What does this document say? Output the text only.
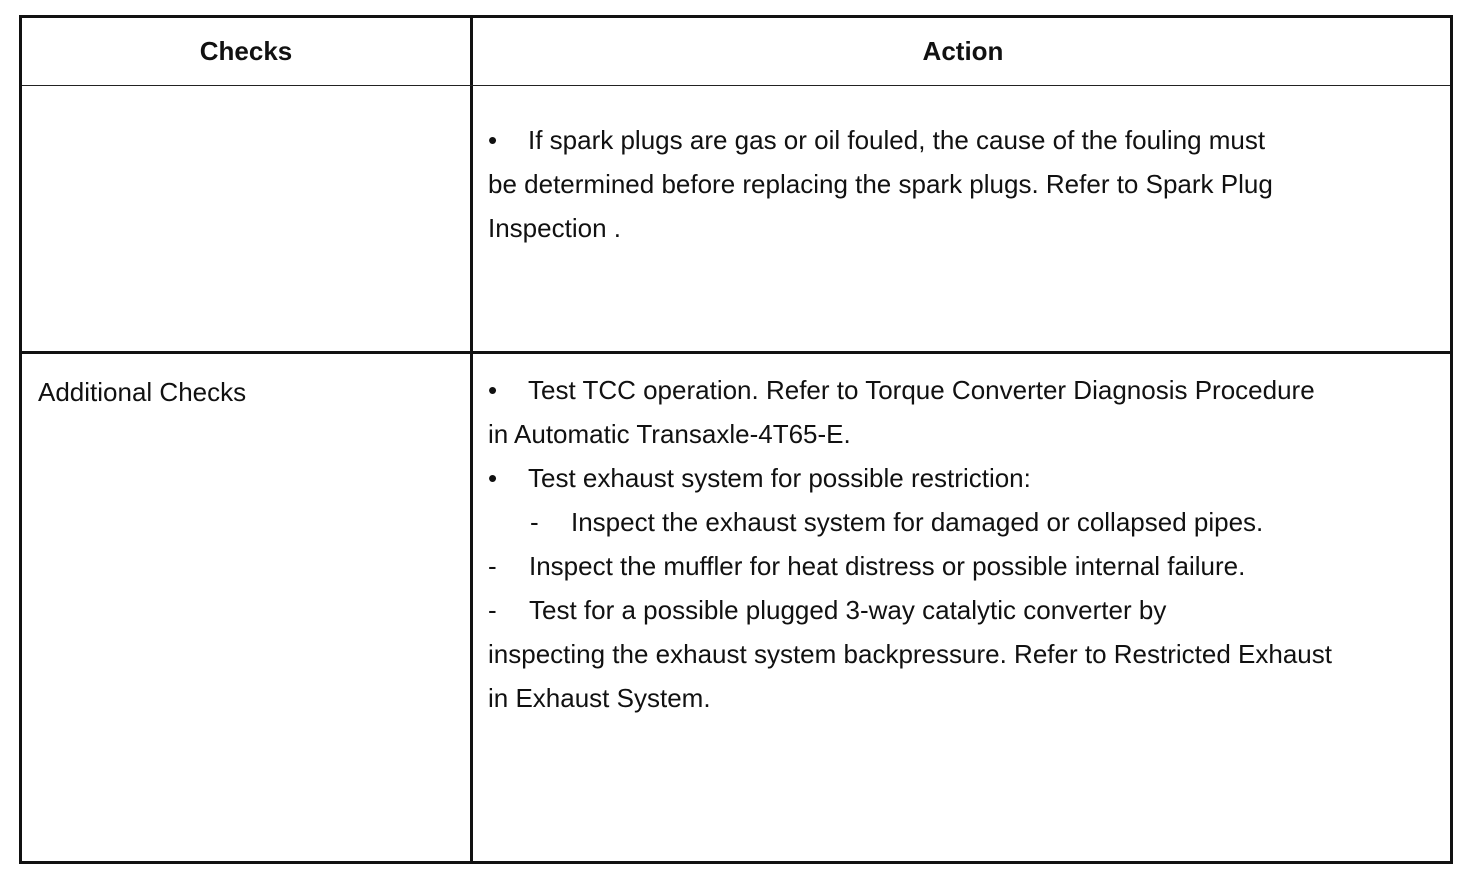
Checks	Action
• If spark plugs are gas or oil fouled, the cause of the fouling must
be determined before replacing the spark plugs. Refer to Spark Plug
Inspection .
Additional Checks	• Test TCC operation. Refer to Torque Converter Diagnosis Procedure
in Automatic Transaxle-4T65-E.
• Test exhaust system for possible restriction:
- Inspect the exhaust system for damaged or collapsed pipes.
- Inspect the muffler for heat distress or possible internal failure.
- Test for a possible plugged 3-way catalytic converter by
inspecting the exhaust system backpressure. Refer to Restricted Exhaust
in Exhaust System.
